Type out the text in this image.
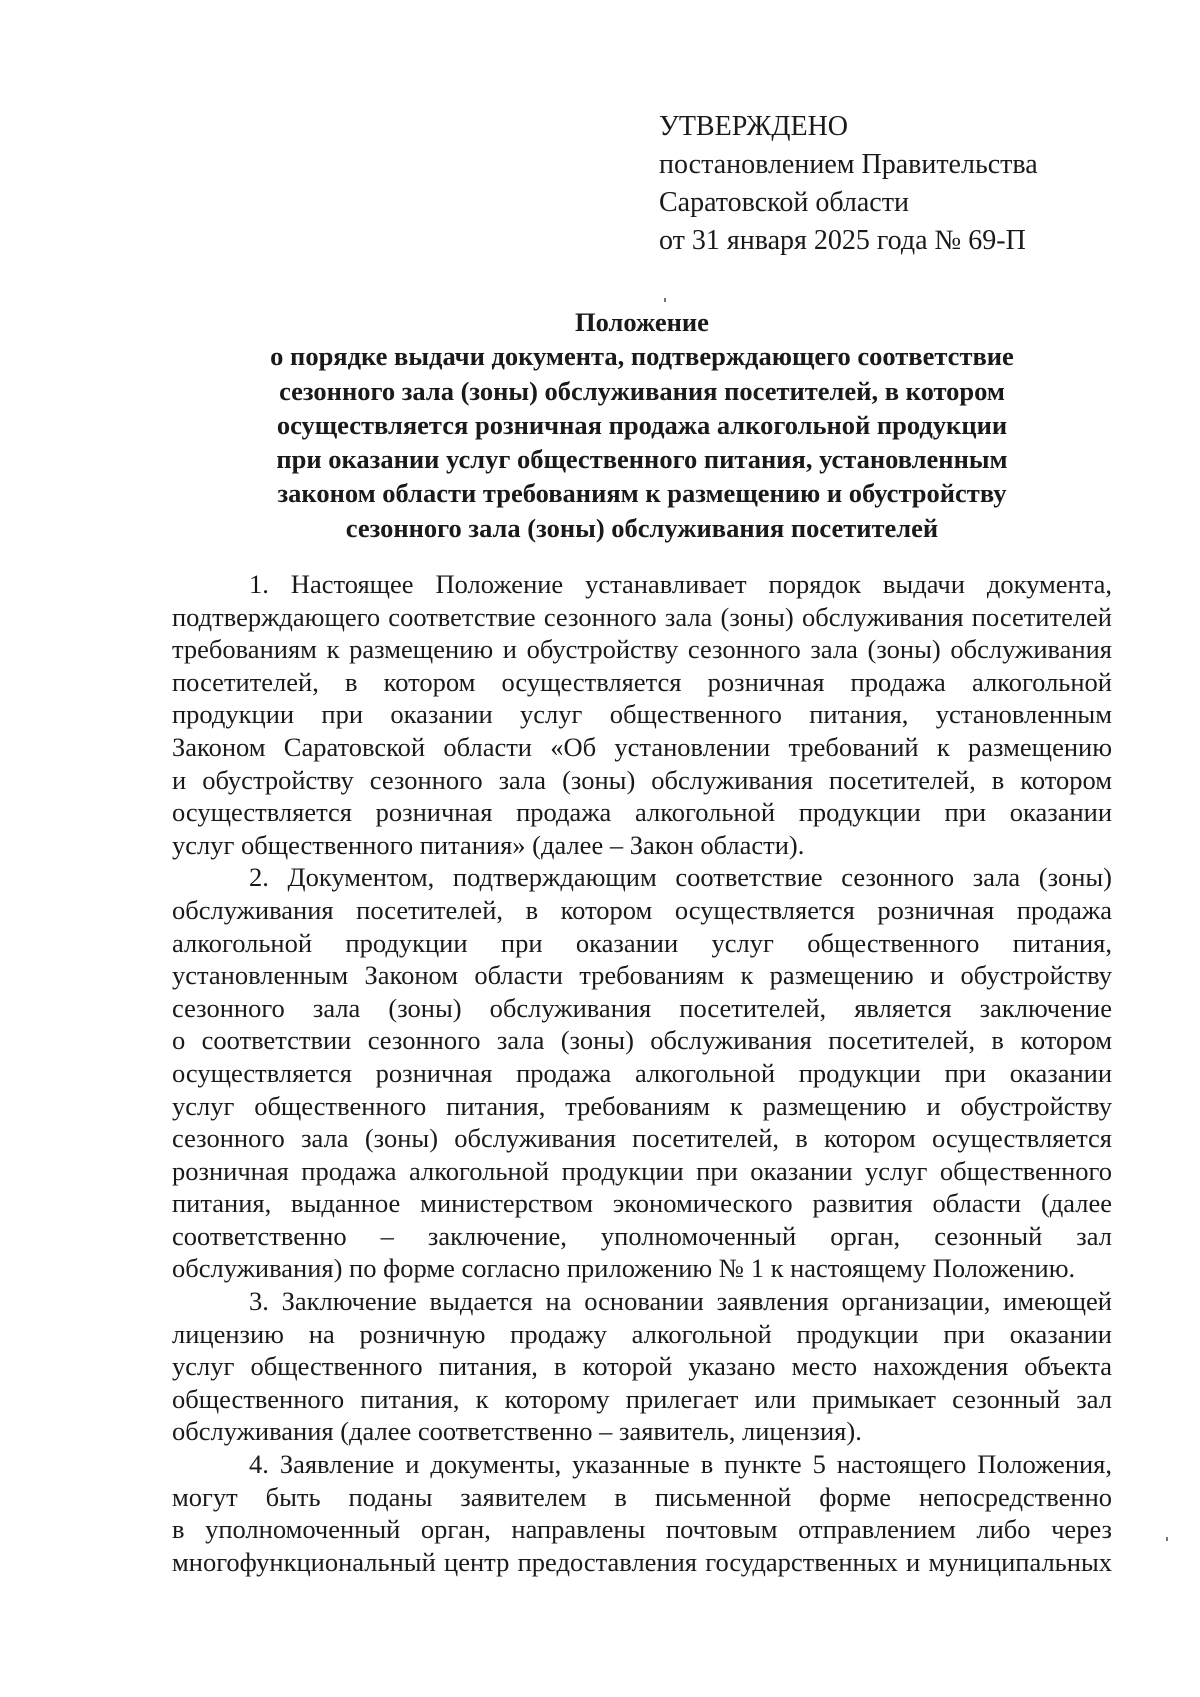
УТВЕРЖДЕНО
постановлением Правительства
Саратовской области
от 31 января 2025 года № 69-П
Положение
о порядке выдачи документа, подтверждающего соответствие
сезонного зала (зоны) обслуживания посетителей, в котором
осуществляется розничная продажа алкогольной продукции
при оказании услуг общественного питания, установленным
законом области требованиям к размещению и обустройству
сезонного зала (зоны) обслуживания посетителей
1. Настоящее Положение устанавливает порядок выдачи документа,
подтверждающего соответствие сезонного зала (зоны) обслуживания посетителей
требованиям к размещению и обустройству сезонного зала (зоны) обслуживания
посетителей, в котором осуществляется розничная продажа алкогольной
продукции при оказании услуг общественного питания, установленным
Законом Саратовской области «Об установлении требований к размещению
и обустройству сезонного зала (зоны) обслуживания посетителей, в котором
осуществляется розничная продажа алкогольной продукции при оказании
услуг общественного питания» (далее – Закон области).
2. Документом, подтверждающим соответствие сезонного зала (зоны)
обслуживания посетителей, в котором осуществляется розничная продажа
алкогольной продукции при оказании услуг общественного питания,
установленным Законом области требованиям к размещению и обустройству
сезонного зала (зоны) обслуживания посетителей, является заключение
о соответствии сезонного зала (зоны) обслуживания посетителей, в котором
осуществляется розничная продажа алкогольной продукции при оказании
услуг общественного питания, требованиям к размещению и обустройству
сезонного зала (зоны) обслуживания посетителей, в котором осуществляется
розничная продажа алкогольной продукции при оказании услуг общественного
питания, выданное министерством экономического развития области (далее
соответственно – заключение, уполномоченный орган, сезонный зал
обслуживания) по форме согласно приложению № 1 к настоящему Положению.
3. Заключение выдается на основании заявления организации, имеющей
лицензию на розничную продажу алкогольной продукции при оказании
услуг общественного питания, в которой указано место нахождения объекта
общественного питания, к которому прилегает или примыкает сезонный зал
обслуживания (далее соответственно – заявитель, лицензия).
4. Заявление и документы, указанные в пункте 5 настоящего Положения,
могут быть поданы заявителем в письменной форме непосредственно
в уполномоченный орган, направлены почтовым отправлением либо через
многофункциональный центр предоставления государственных и муниципальных
